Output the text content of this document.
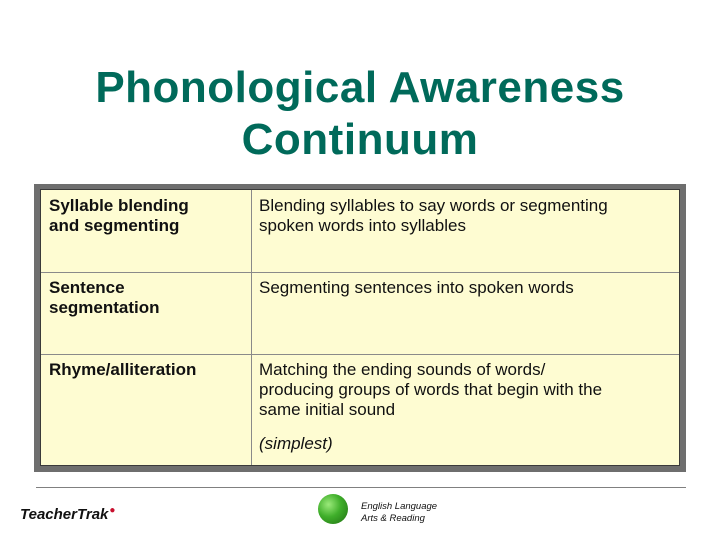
Phonological Awareness
Continuum
Syllable blending
and segmenting
Blending syllables to say words or segmenting
spoken words into syllables
Sentence
segmentation
Segmenting sentences into spoken words
Rhyme/alliteration	Matching the ending sounds of words/
producing groups of words that begin with the
same initial sound
(simplest)
TeacherTrak●	English Language
Arts & Reading
